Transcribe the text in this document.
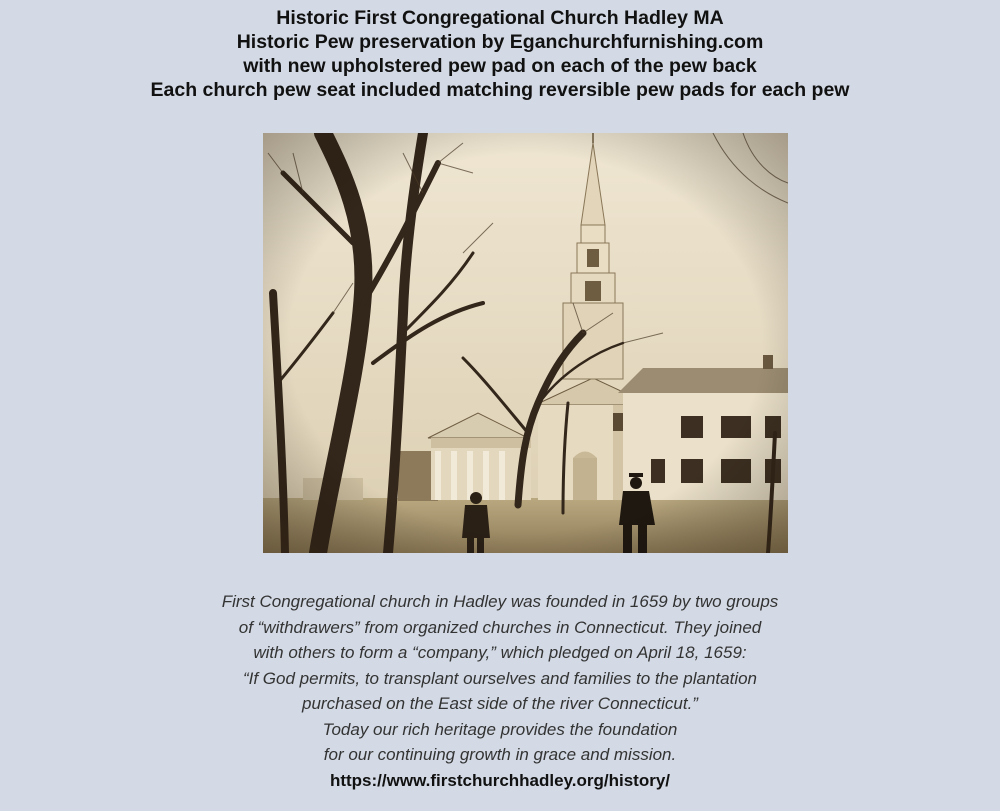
Historic First Congregational Church Hadley MA
Historic Pew preservation by Eganchurchfurnishing.com
with new upholstered pew pad on each of the pew back
Each church pew seat included matching reversible pew pads for each pew
First Congregational church in Hadley was founded in 1659 by two groups
of “withdrawers” from organized churches in Connecticut. They joined
with others to form a “company,” which pledged on April 18, 1659:
“If God permits, to transplant ourselves and families to the plantation
purchased on the East side of the river Connecticut.”
Today our rich heritage provides the foundation
for our continuing growth in grace and mission.
https://www.firstchurchhadley.org/history/
